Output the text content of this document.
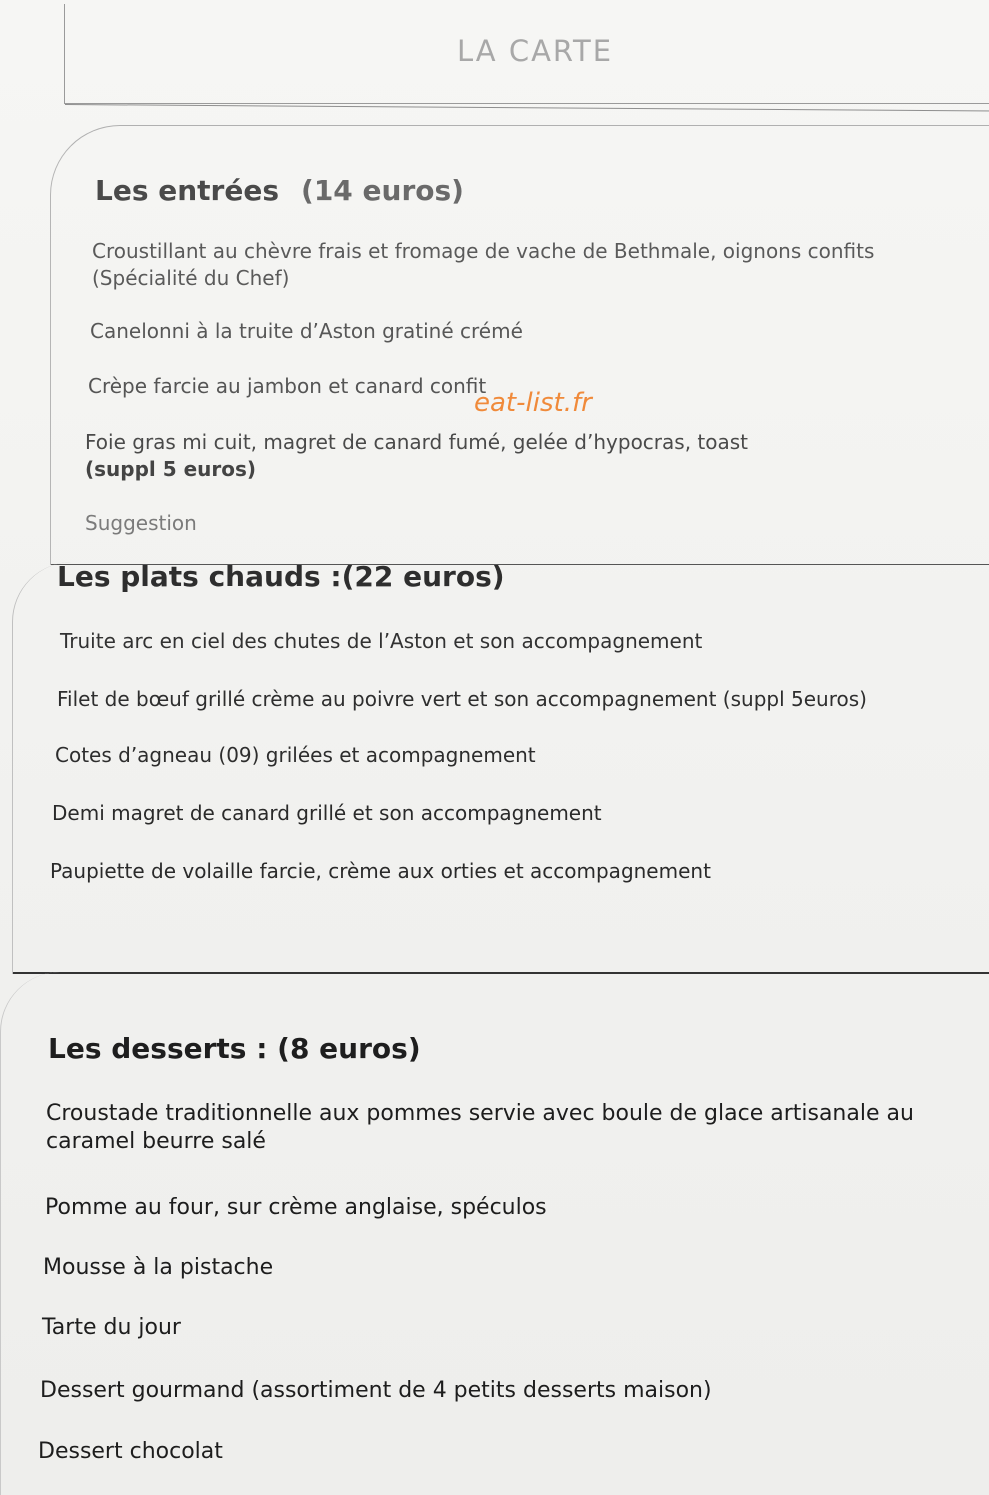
LA CARTE
Les entrées (14 euros)
Croustillant au chèvre frais et fromage de vache de Bethmale, oignons confits
(Spécialité du Chef)
Canelonni à la truite d’Aston gratiné crémé
Crèpe farcie au jambon et canard confit
Foie gras mi cuit, magret de canard fumé, gelée d’hypocras, toast
(suppl 5 euros)
Suggestion
eat-list.fr
Les plats chauds :(22 euros)
Truite arc en ciel des chutes de l’Aston et son accompagnement
Filet de bœuf grillé crème au poivre vert et son accompagnement (suppl 5euros)
Cotes d’agneau (09) grilées et acompagnement
Demi magret de canard grillé et son accompagnement
Paupiette de volaille farcie, crème aux orties et accompagnement
Les desserts : (8 euros)
Croustade traditionnelle aux pommes servie avec boule de glace artisanale au
caramel beurre salé
Pomme au four, sur crème anglaise, spéculos
Mousse à la pistache
Tarte du jour
Dessert gourmand (assortiment de 4 petits desserts maison)
Dessert chocolat
